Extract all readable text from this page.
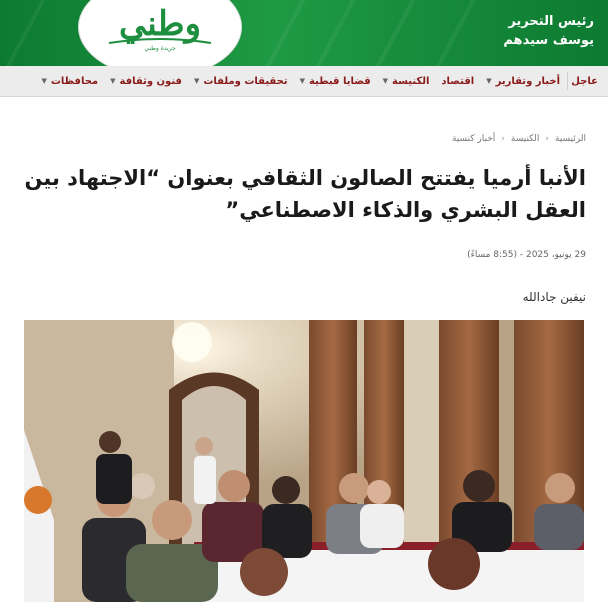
رئيس التحرير
يوسف سيدهم
وطني
جريدة وطني
عاجل
أخبار وتقارير
▼
اقتصاد
الكنيسة
▼
قضايا قبطية
▼
تحقيقات وملفات
▼
فنون وثقافة
▼
محافظات
▼
الرئيسية
‹
الكنيسة
‹
أخبار كنسية
الأنبا أرميا يفتتح الصالون الثقافي بعنوان “الاجتهاد بين العقل البشري والذكاء الاصطناعي”
29 يونيو، 2025 - (8:55 مساءً)
نيفين جادالله
